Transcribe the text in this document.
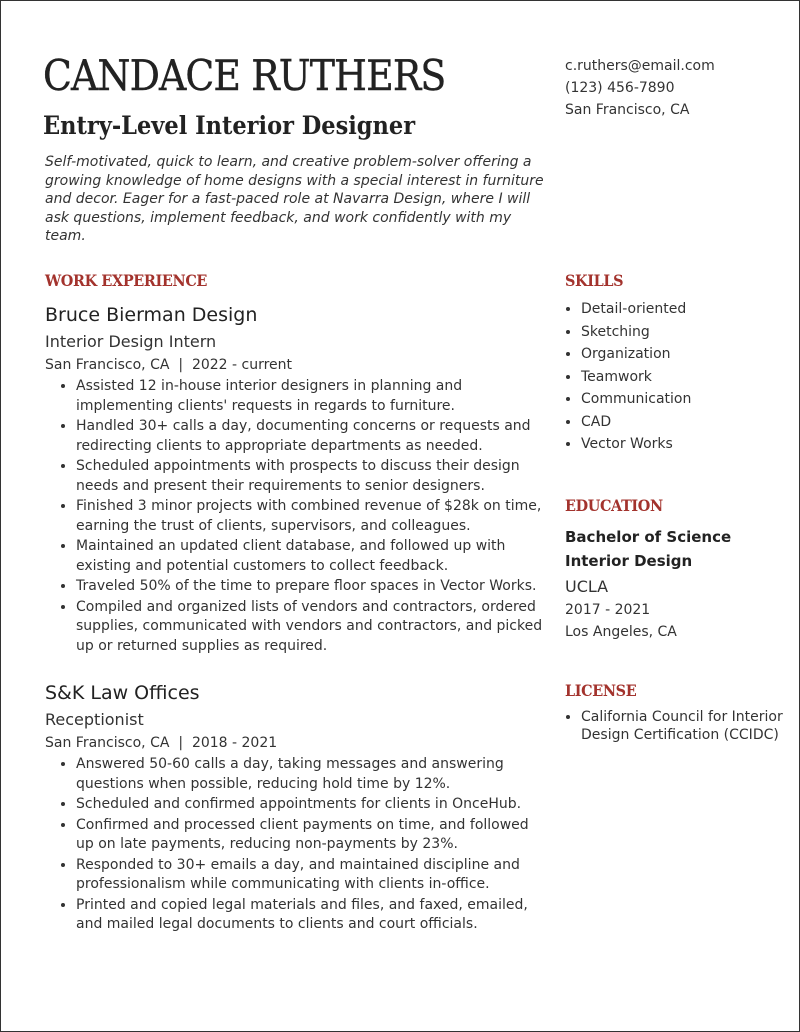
CANDACE RUTHERS
Entry-Level Interior Designer
c.ruthers@email.com
(123) 456-7890
San Francisco, CA
Self-motivated, quick to learn, and creative problem-solver offering a growing knowledge of home designs with a special interest in furniture and decor. Eager for a fast-paced role at Navarra Design, where I will ask questions, implement feedback, and work confidently with my team.
WORK EXPERIENCE
Bruce Bierman Design
Interior Design Intern
San Francisco, CA  |  2022 - current
• Assisted 12 in-house interior designers in planning and implementing clients' requests in regards to furniture.
• Handled 30+ calls a day, documenting concerns or requests and redirecting clients to appropriate departments as needed.
• Scheduled appointments with prospects to discuss their design needs and present their requirements to senior designers.
• Finished 3 minor projects with combined revenue of $28k on time, earning the trust of clients, supervisors, and colleagues.
• Maintained an updated client database, and followed up with existing and potential customers to collect feedback.
• Traveled 50% of the time to prepare floor spaces in Vector Works.
• Compiled and organized lists of vendors and contractors, ordered supplies, communicated with vendors and contractors, and picked up or returned supplies as required.
S&K Law Offices
Receptionist
San Francisco, CA  |  2018 - 2021
• Answered 50-60 calls a day, taking messages and answering questions when possible, reducing hold time by 12%.
• Scheduled and confirmed appointments for clients in OnceHub.
• Confirmed and processed client payments on time, and followed up on late payments, reducing non-payments by 23%.
• Responded to 30+ emails a day, and maintained discipline and professionalism while communicating with clients in-office.
• Printed and copied legal materials and files, and faxed, emailed, and mailed legal documents to clients and court officials.
SKILLS
• Detail-oriented
• Sketching
• Organization
• Teamwork
• Communication
• CAD
• Vector Works
EDUCATION
Bachelor of Science
Interior Design
UCLA
2017 - 2021
Los Angeles, CA
LICENSE
• California Council for Interior Design Certification (CCIDC)
